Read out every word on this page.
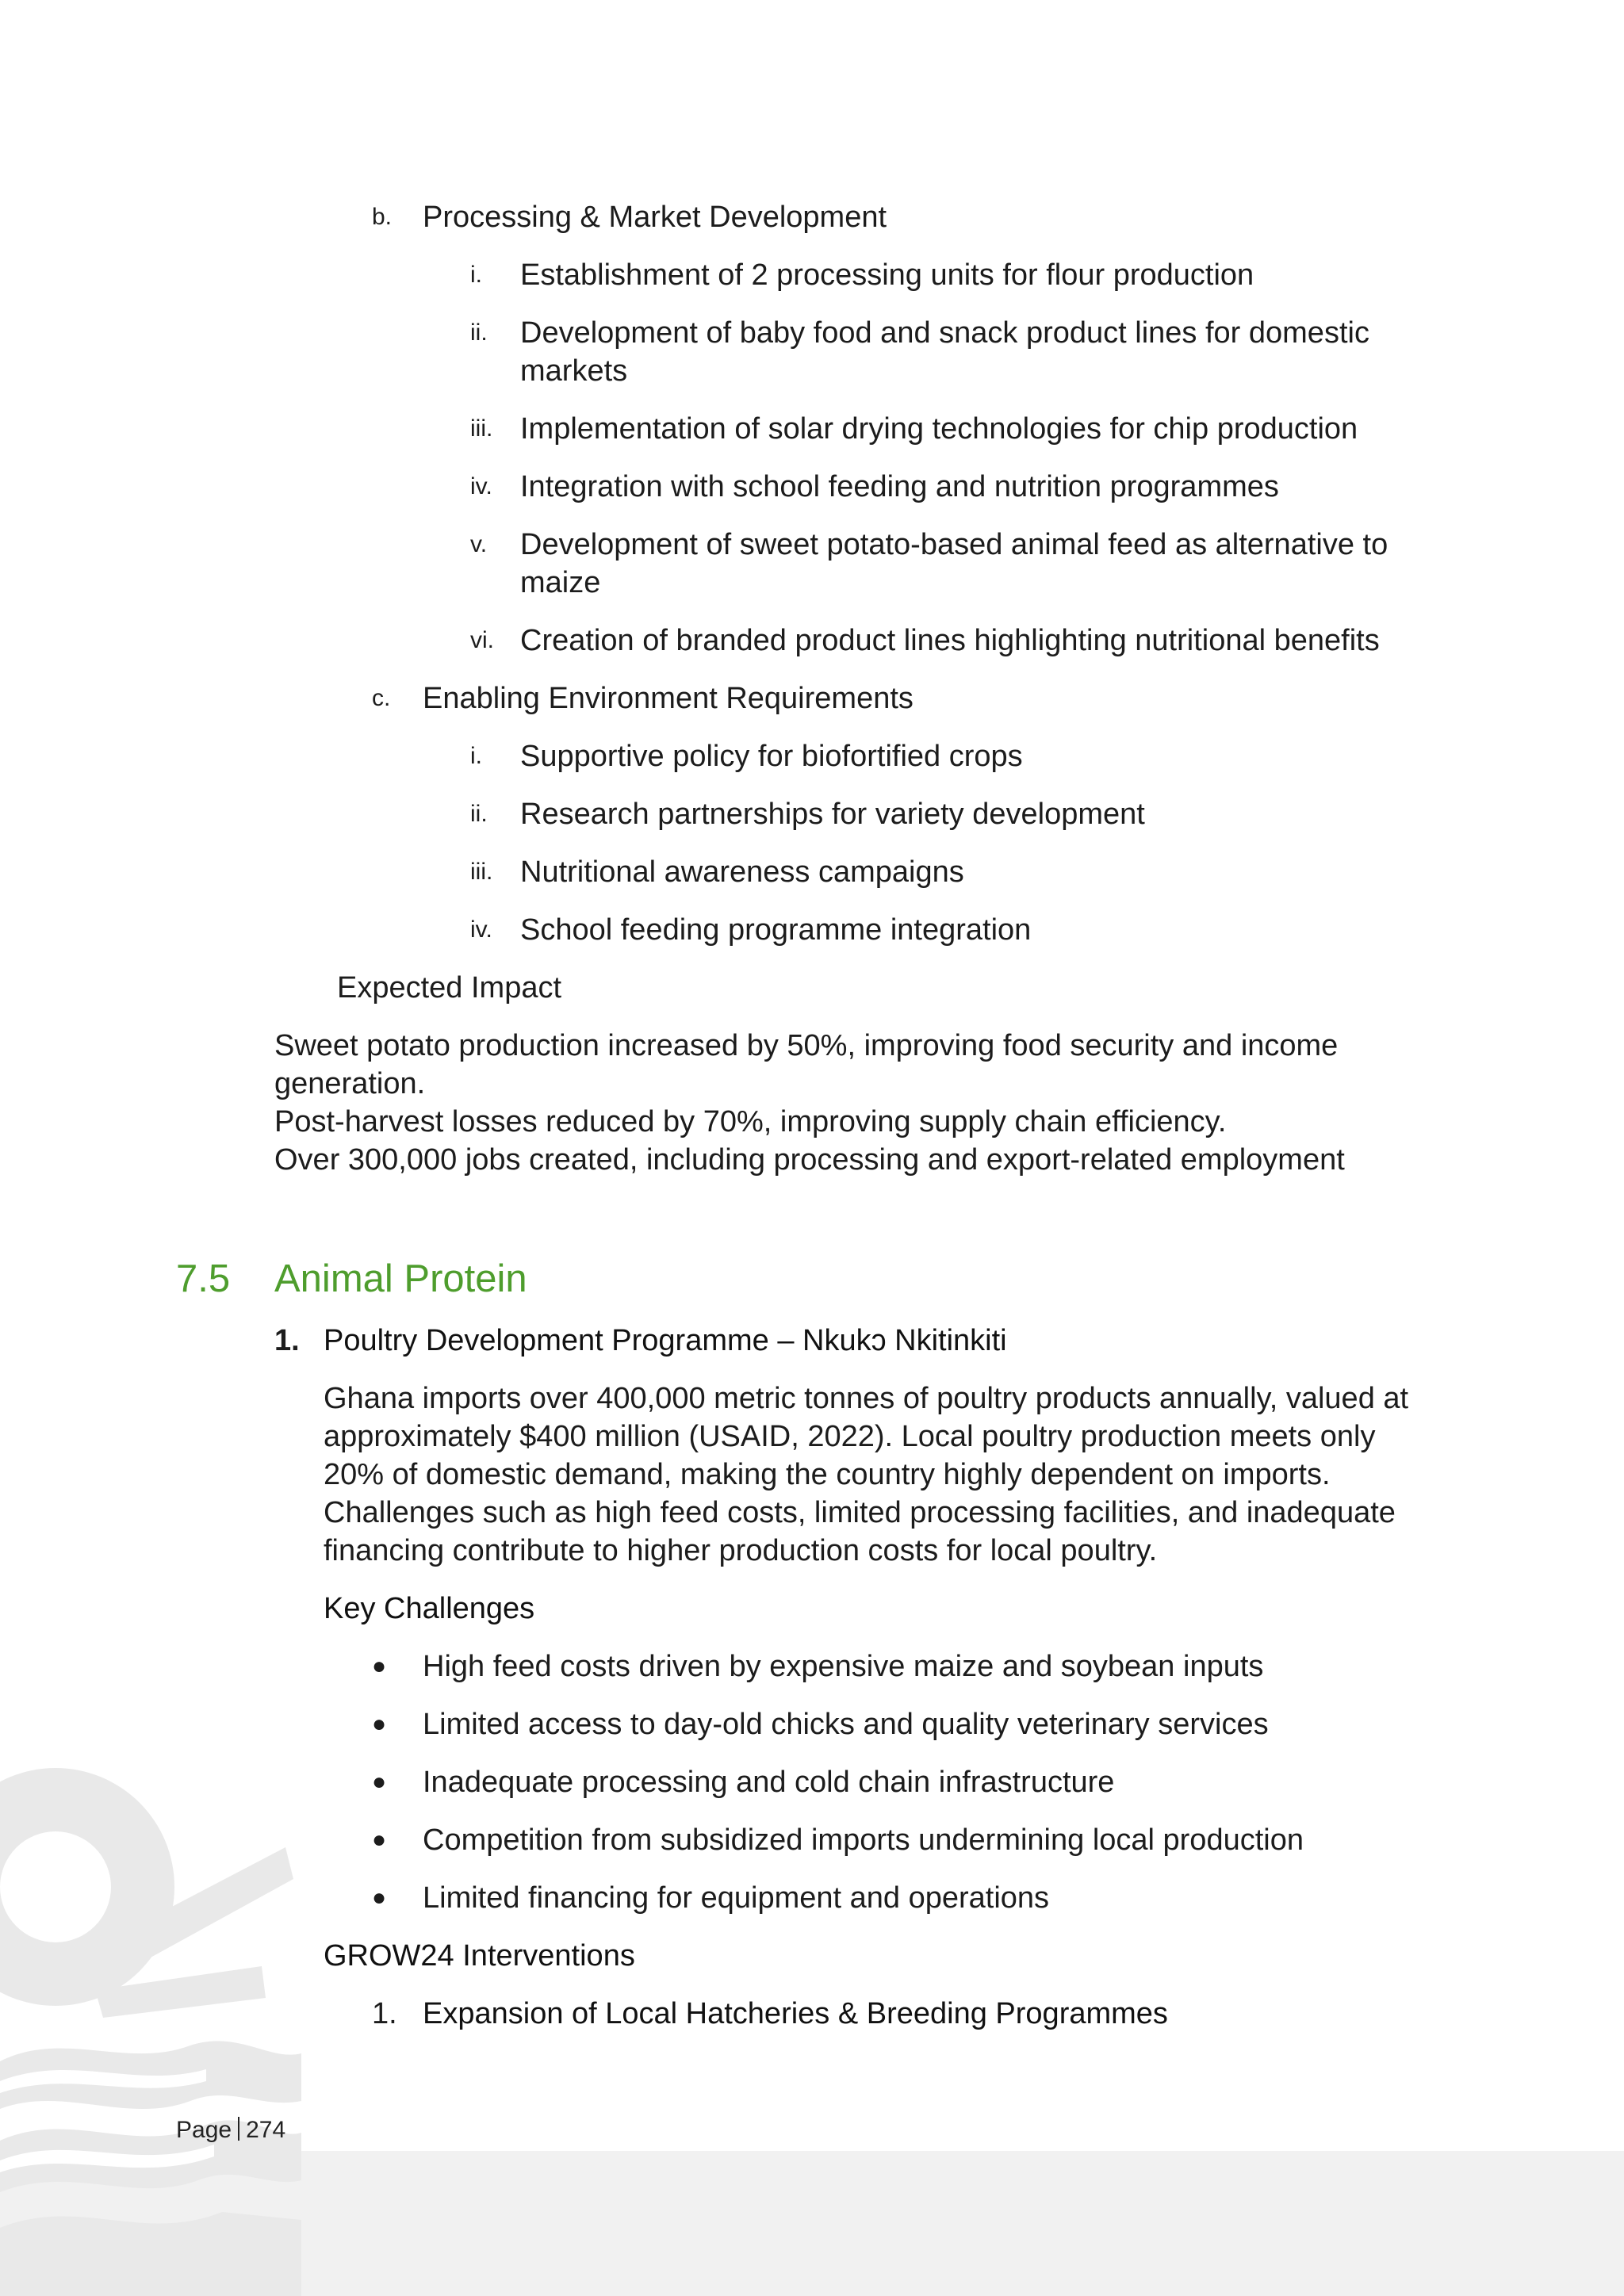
b. Processing & Market Development
i. Establishment of 2 processing units for flour production
ii. Development of baby food and snack product lines for domestic
markets
iii. Implementation of solar drying technologies for chip production
iv. Integration with school feeding and nutrition programmes
v. Development of sweet potato-based animal feed as alternative to
maize
vi. Creation of branded product lines highlighting nutritional benefits
c. Enabling Environment Requirements
i. Supportive policy for biofortified crops
ii. Research partnerships for variety development
iii. Nutritional awareness campaigns
iv. School feeding programme integration
Expected Impact
Sweet potato production increased by 50%, improving food security and income
generation.
Post-harvest losses reduced by 70%, improving supply chain efficiency.
Over 300,000 jobs created, including processing and export-related employment
7.5 Animal Protein
1. Poultry Development Programme – Nkukɔ Nkitinkiti
Ghana imports over 400,000 metric tonnes of poultry products annually, valued at
approximately $400 million (USAID, 2022). Local poultry production meets only
20% of domestic demand, making the country highly dependent on imports.
Challenges such as high feed costs, limited processing facilities, and inadequate
financing contribute to higher production costs for local poultry.
Key Challenges
● High feed costs driven by expensive maize and soybean inputs
● Limited access to day-old chicks and quality veterinary services
● Inadequate processing and cold chain infrastructure
● Competition from subsidized imports undermining local production
● Limited financing for equipment and operations
GROW24 Interventions
1. Expansion of Local Hatcheries & Breeding Programmes
Page 274
